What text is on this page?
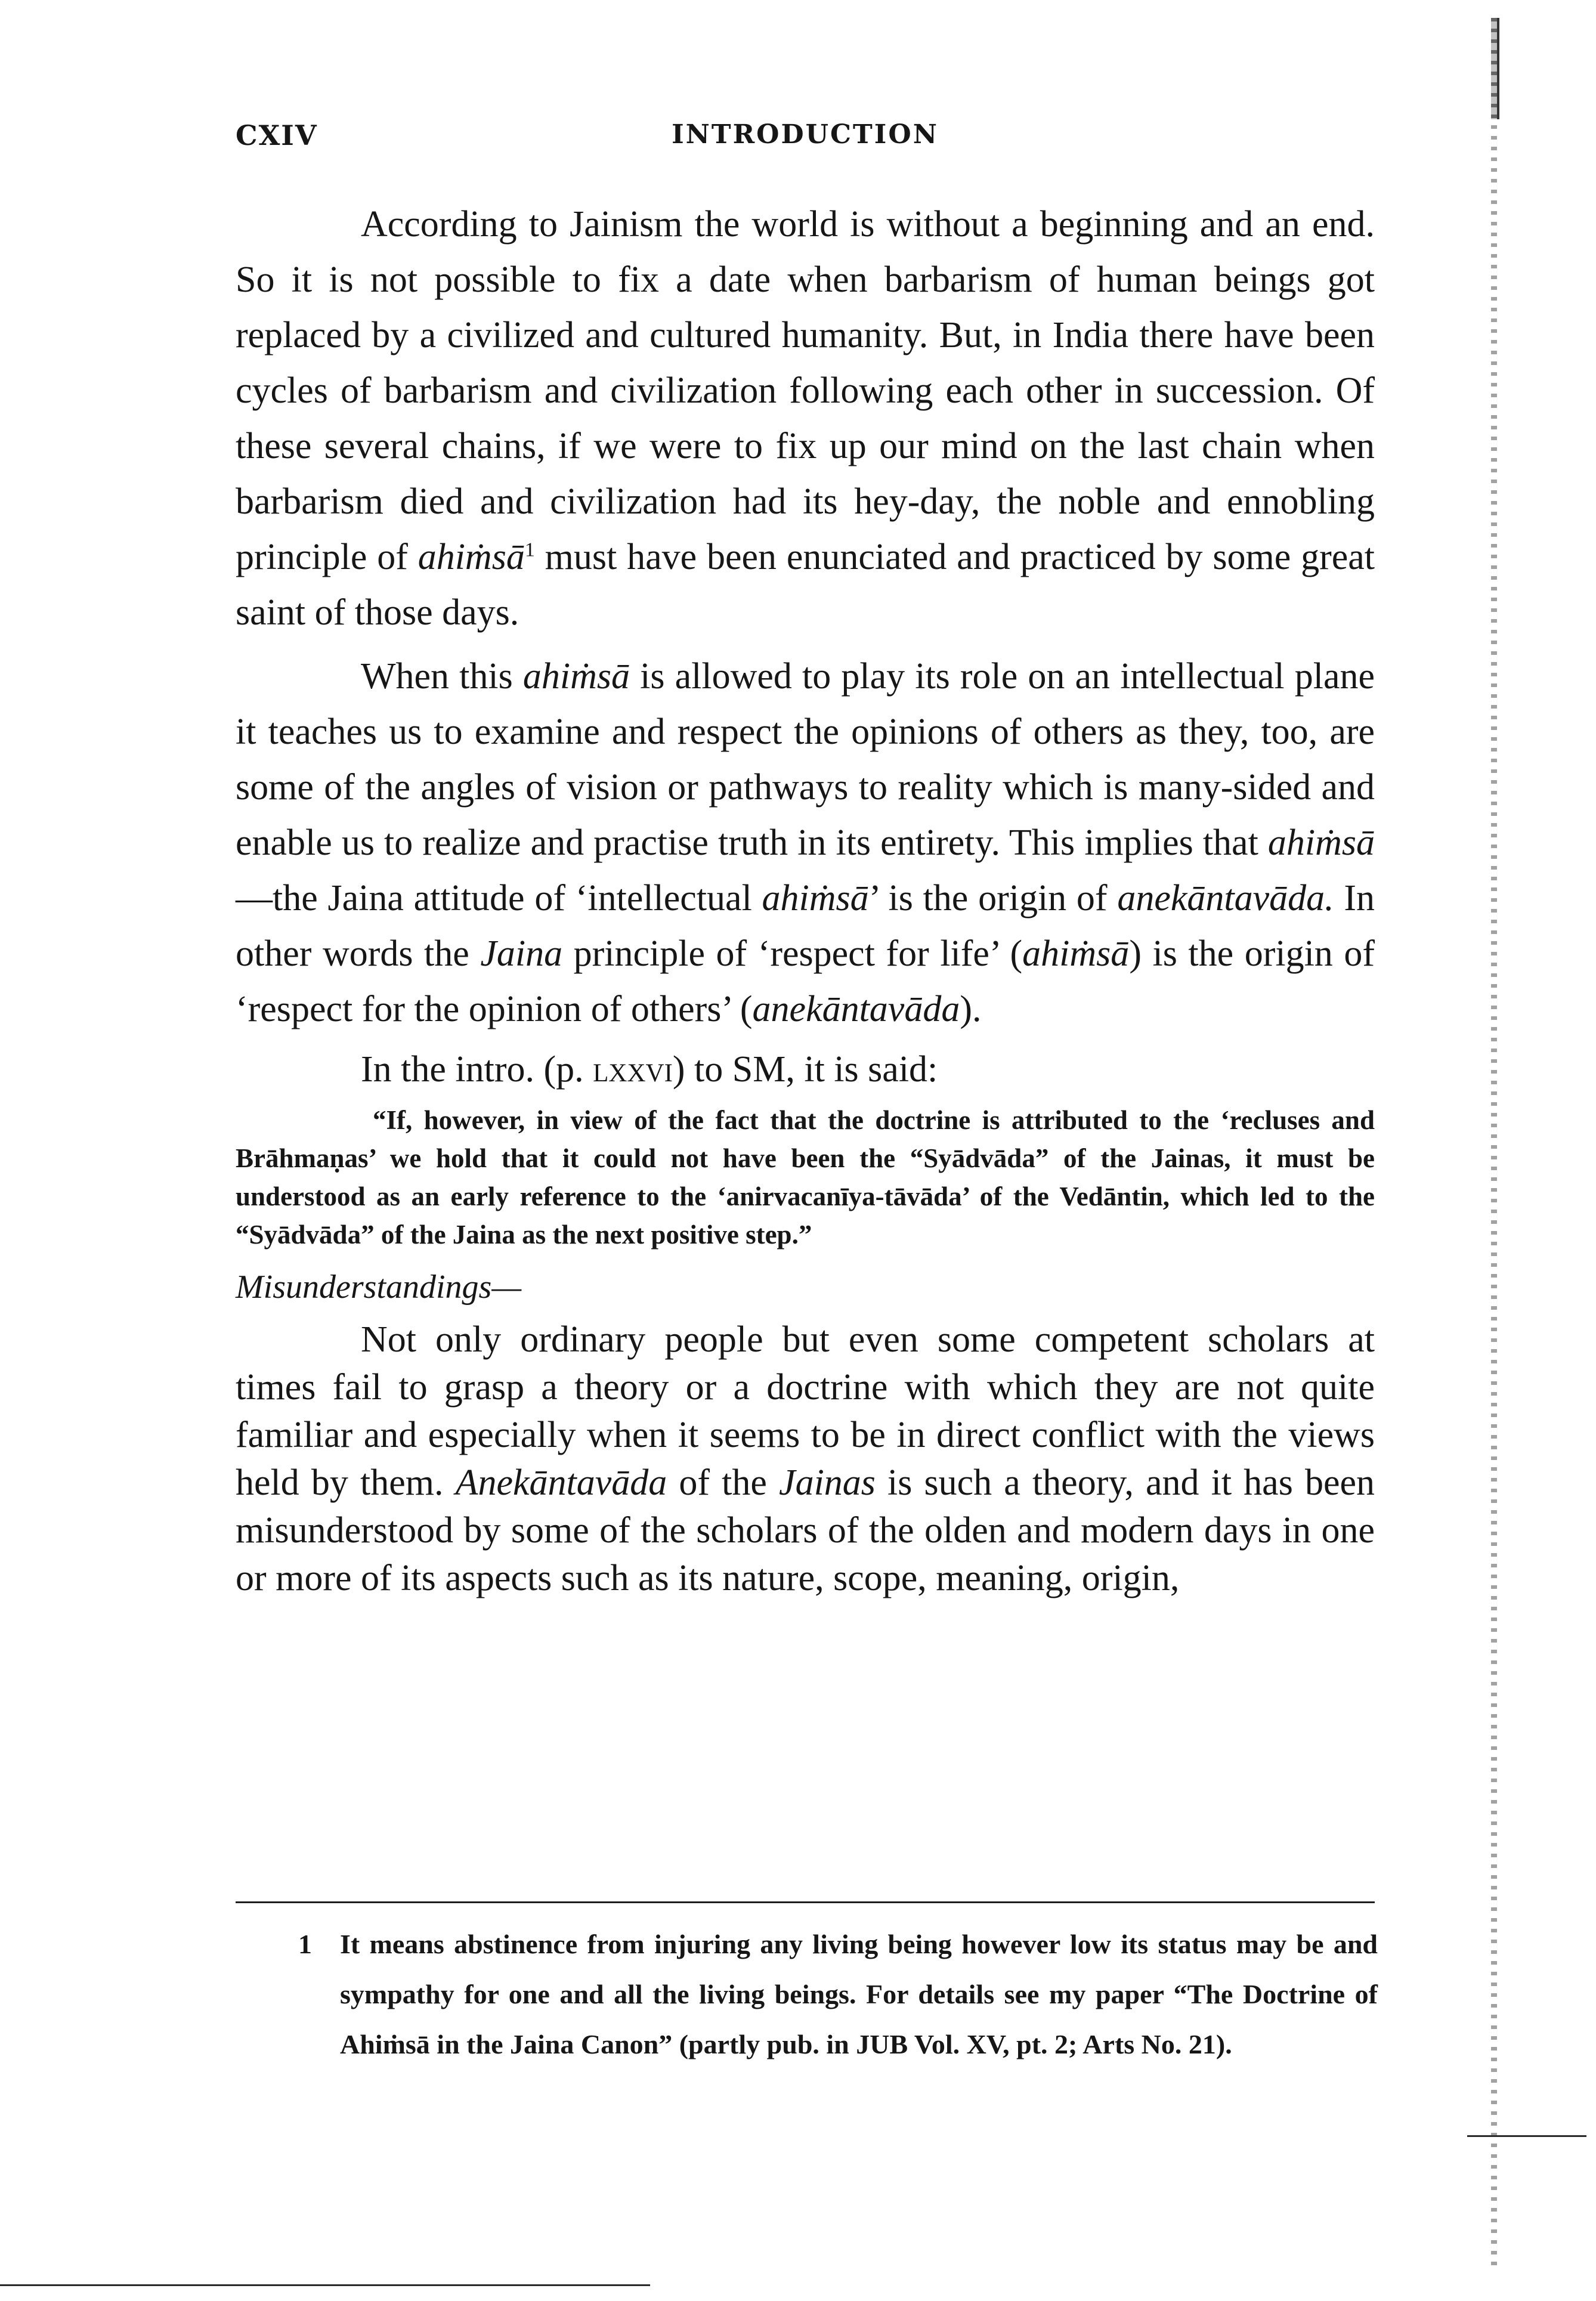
CXIV	INTRODUCTION

According to Jainism the world is without a beginning and an end. So it is not possible to fix a date when barbarism of human beings got replaced by a civilized and cultured humanity. But, in India there have been cycles of barbarism and civilization following each other in succession. Of these several chains, if we were to fix up our mind on the last chain when barbarism died and civilization had its hey-day, the noble and ennobling principle of ahiṁsā$^1$ must have been enunciated and practiced by some great saint of those days.

When this ahiṁsā is allowed to play its role on an intellectual plane it teaches us to examine and respect the opinions of others as they, too, are some of the angles of vision or pathways to reality which is many-sided and enable us to realize and practise truth in its entirety. This implies that ahiṁsā—the Jaina attitude of ‘intellectual ahiṁsā’ is the origin of anekāntavāda. In other words the Jaina principle of ‘respect for life’ (ahiṁsā) is the origin of ‘respect for the opinion of others’ (anekāntavāda).

In the intro. (p. lxxvi) to SM, it is said:

“If, however, in view of the fact that the doctrine is attributed to the ‘recluses and Brāhmaṇas’ we hold that it could not have been the “Syādvāda” of the Jainas, it must be understood as an early reference to the ‘anirvacanīya-tāvāda’ of the Vedāntin, which led to the “Syādvāda” of the Jaina as the next positive step.”

Misunderstandings—

Not only ordinary people but even some competent scholars at times fail to grasp a theory or a doctrine with which they are not quite familiar and especially when it seems to be in direct conflict with the views held by them. Anekāntavāda of the Jainas is such a theory, and it has been misunderstood by some of the scholars of the olden and modern days in one or more of its aspects such as its nature, scope, meaning, origin,

1 It means abstinence from injuring any living being however low its status may be and sympathy for one and all the living beings. For details see my paper “The Doctrine of Ahiṁsā in the Jaina Canon” (partly pub. in JUB Vol. XV, pt. 2; Arts No. 21).
